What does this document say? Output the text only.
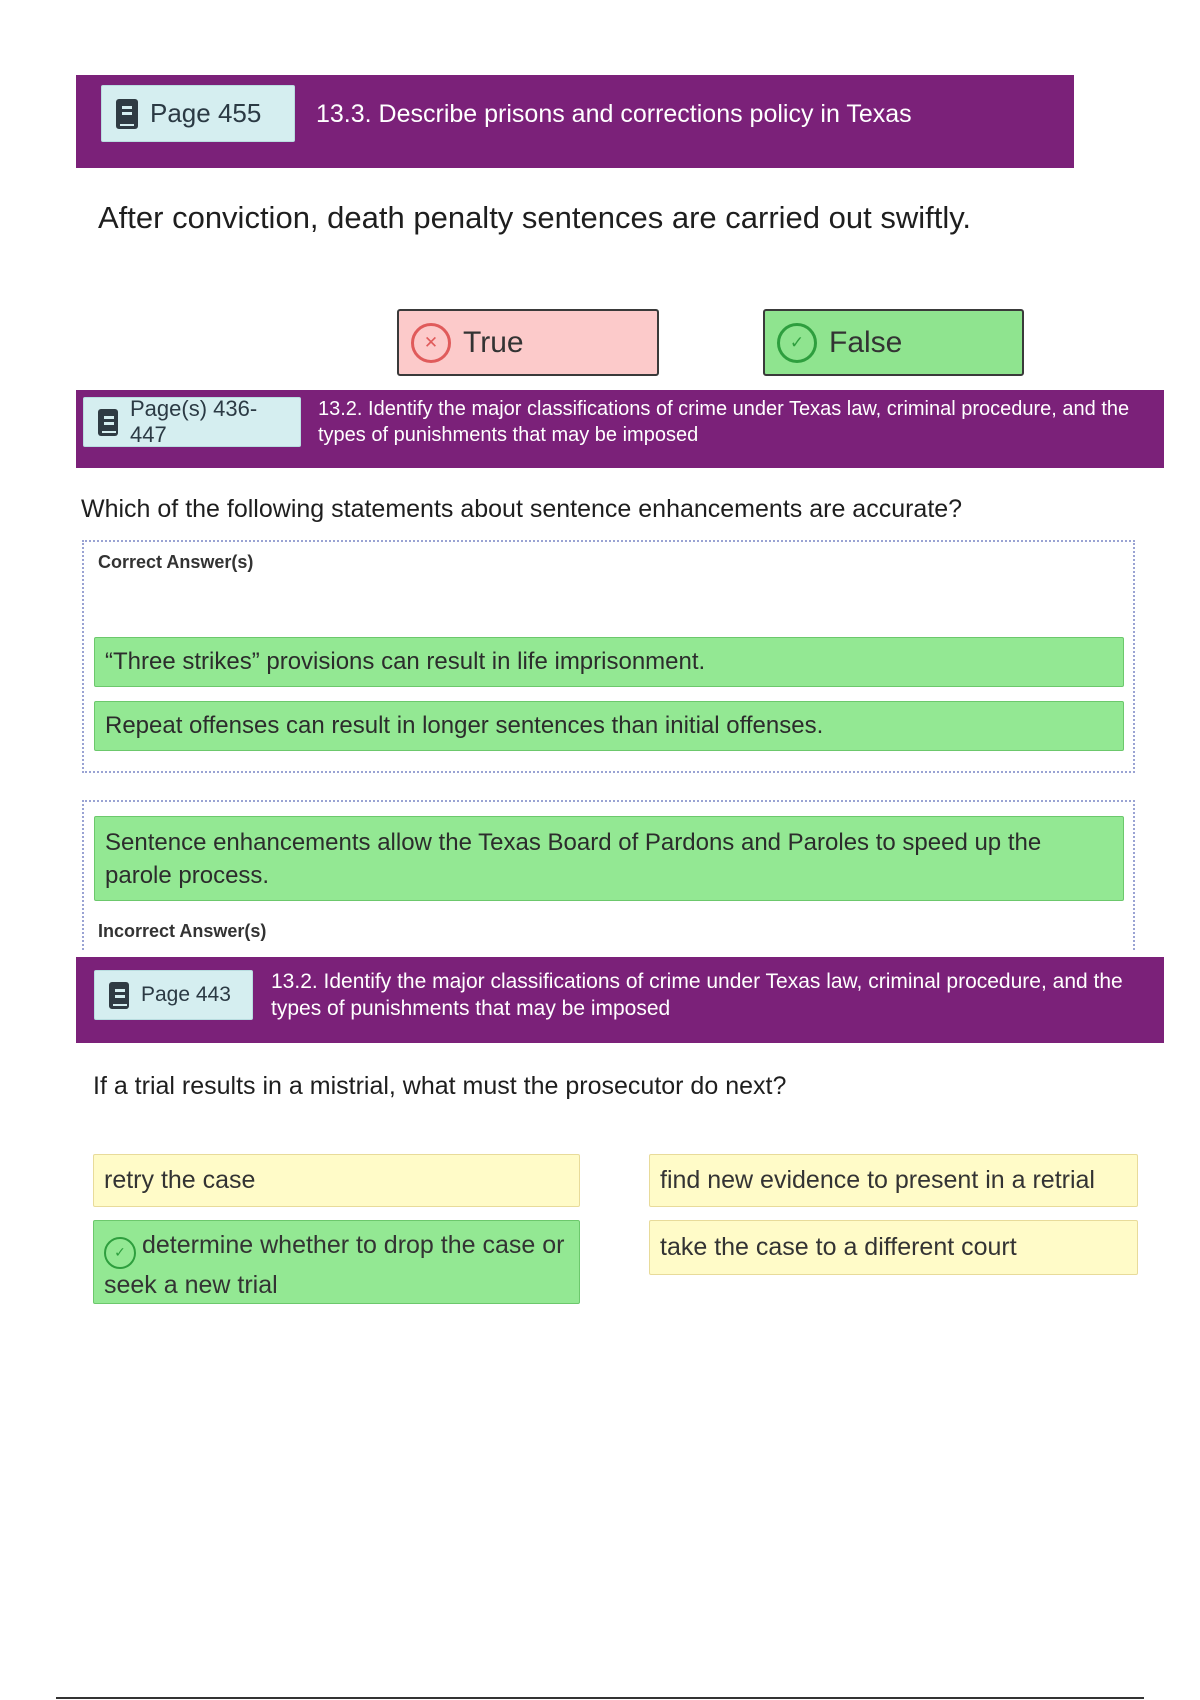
Page 455 13.3. Describe prisons and corrections policy in Texas
After conviction, death penalty sentences are carried out swiftly.
✕ True	✓ False
Page(s) 436-447
13.2. Identify the major classifications of crime under Texas law, criminal procedure, and the types of punishments that may be imposed
Which of the following statements about sentence enhancements are accurate?
Correct Answer(s)
“Three strikes” provisions can result in life imprisonment.
Repeat offenses can result in longer sentences than initial offenses.
Sentence enhancements allow the Texas Board of Pardons and Paroles to speed up the parole process.
Incorrect Answer(s)
Page 443
13.2. Identify the major classifications of crime under Texas law, criminal procedure, and the types of punishments that may be imposed
If a trial results in a mistrial, what must the prosecutor do next?
retry the case	find new evidence to present in a retrial
✓ determine whether to drop the case or seek a new trial
take the case to a different court
